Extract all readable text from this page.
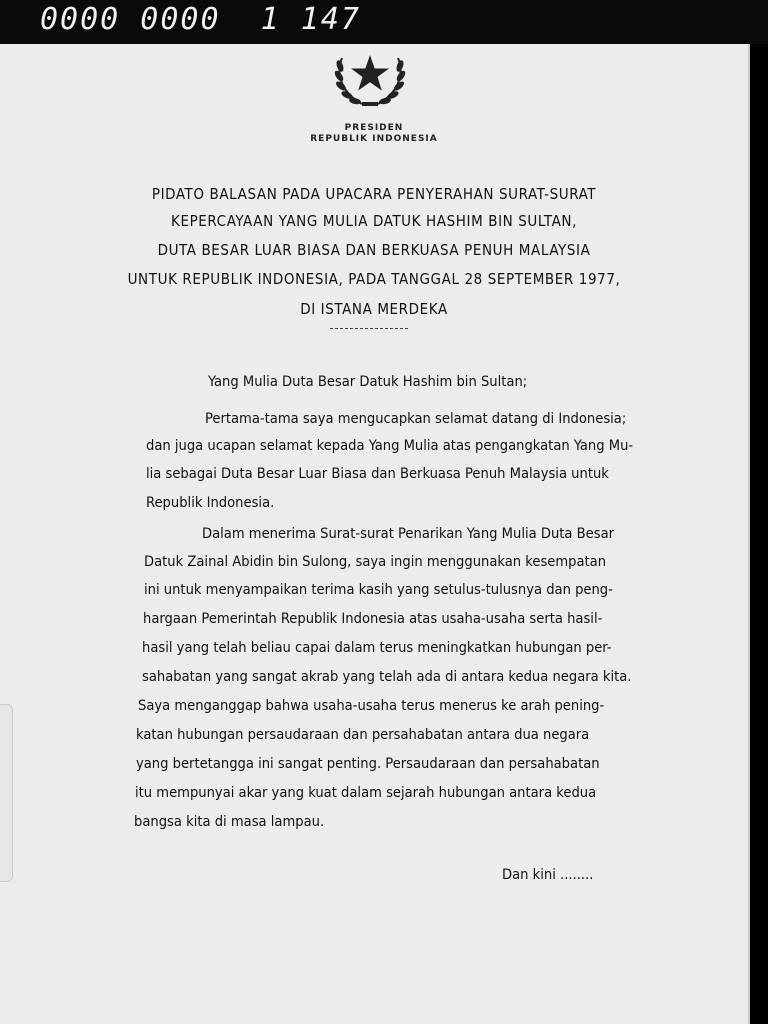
0000 0000  1 147
PRESIDEN
REPUBLIK INDONESIA
PIDATO BALASAN PADA UPACARA PENYERAHAN SURAT-SURAT
KEPERCAYAAN YANG MULIA DATUK HASHIM BIN SULTAN,
DUTA BESAR LUAR BIASA DAN BERKUASA PENUH MALAYSIA
UNTUK REPUBLIK INDONESIA, PADA TANGGAL 28 SEPTEMBER 1977,
DI ISTANA MERDEKA
Yang Mulia Duta Besar Datuk Hashim bin Sultan;
Pertama-tama saya mengucapkan selamat datang di Indonesia;
dan juga ucapan selamat kepada Yang Mulia atas pengangkatan Yang Mu-
lia sebagai Duta Besar Luar Biasa dan Berkuasa Penuh Malaysia untuk
Republik Indonesia.
Dalam menerima Surat-surat Penarikan Yang Mulia Duta Besar
Datuk Zainal Abidin bin Sulong, saya ingin menggunakan kesempatan
ini untuk menyampaikan terima kasih yang setulus-tulusnya dan peng-
hargaan Pemerintah Republik Indonesia atas usaha-usaha serta hasil-
hasil yang telah beliau capai dalam terus meningkatkan hubungan per-
sahabatan yang sangat akrab yang telah ada di antara kedua negara kita.
Saya menganggap bahwa usaha-usaha terus menerus ke arah pening-
katan hubungan persaudaraan dan persahabatan antara dua negara
yang bertetangga ini sangat penting. Persaudaraan dan persahabatan
itu mempunyai akar yang kuat dalam sejarah hubungan antara kedua
bangsa kita di masa lampau.
Dan kini ........
